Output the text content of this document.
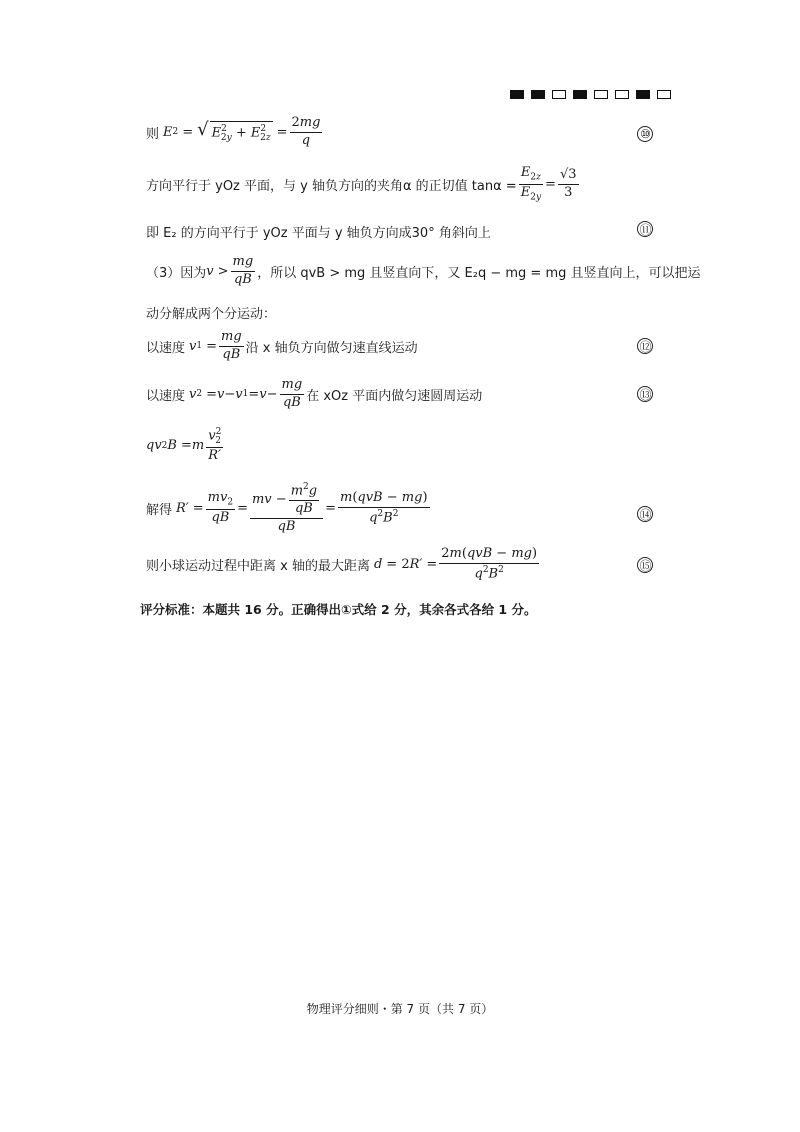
则 E 2 = √ $E^2_{2y} + E^2_{2z} = \frac{2mg}{q}$	⑩
方向平行于 yOz 平面，与 y 轴负方向的夹角α 的正切值 $\tan\alpha = \frac{E_{2z}}{E_{2y}} = \frac{√3}{3}$
即 E₂ 的方向平行于 yOz 平面与 y 轴负方向成30° 角斜向上	⑪
（3）因为 $v > \frac{mg}{qB}$ ，所以 qvB > mg 且竖直向下，又 E₂q − mg = mg 且竖直向上，可以把运
动分解成两个分运动：
以速度 v $1 = \frac{mg}{qB}$ 沿 x 轴负方向做匀速直线运动	⑫
以速度 v 2 = v − v $1 = v - \frac{mg}{qB}$ 在 xOz 平面内做匀速圆周运动	⑬
qv 2 B = m $\frac{v^2_2}{R'}$
解得 $R' = \frac{mv_2}{qB} = \frac{mv - \frac{m^2g}{qB}}{qB} = \frac{\text{m(qvB − mg)}}{q^2B^2}$	⑭
则小球运动过程中距离 x 轴的最大距离 d = 2 $R' = \frac{\text{2m(qvB − mg)}}{q^2B^2}$	⑮
评分标准：本题共 16 分。正确得出①式给 2 分，其余各式各给 1 分。
物理评分细则・第 7 页（共 7 页）
